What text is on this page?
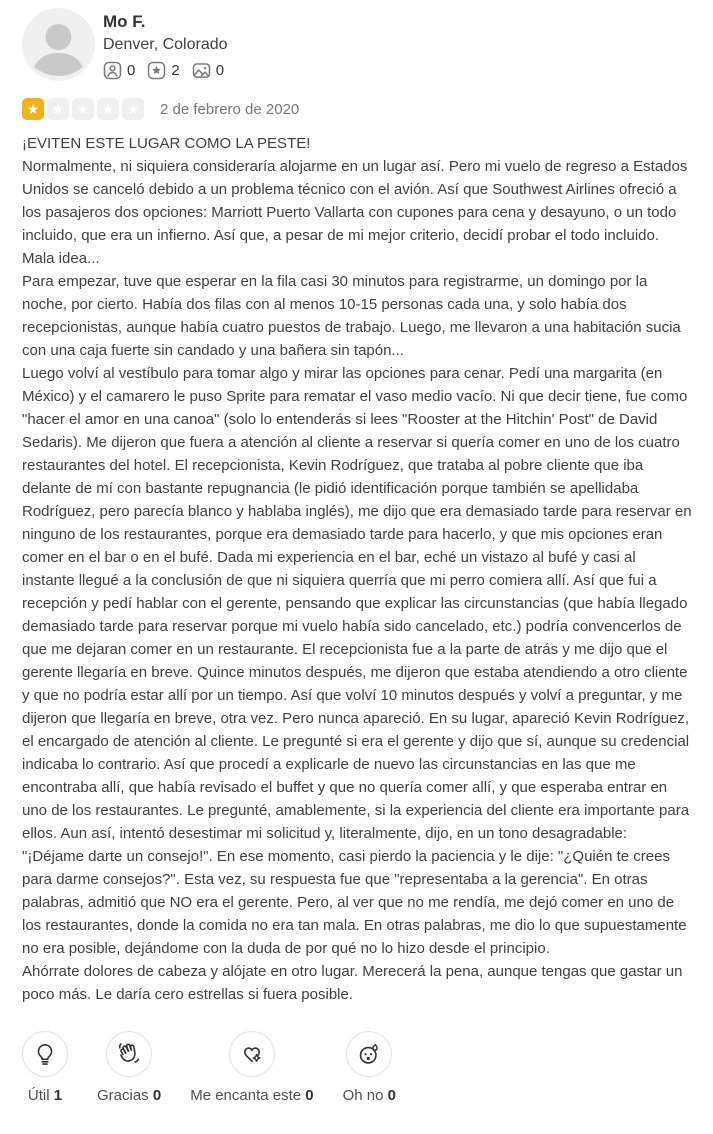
Mo F.
Denver, Colorado
0 2 0
★
★
★
★
★
2 de febrero de 2020
¡EVITEN ESTE LUGAR COMO LA PESTE!

Normalmente, ni siquiera consideraría alojarme en un lugar así. Pero mi vuelo de regreso a Estados Unidos se canceló debido a un problema técnico con el avión. Así que Southwest Airlines ofreció a los pasajeros dos opciones: Marriott Puerto Vallarta con cupones para cena y desayuno, o un todo incluido, que era un infierno. Así que, a pesar de mi mejor criterio, decidí probar el todo incluido. Mala idea...

Para empezar, tuve que esperar en la fila casi 30 minutos para registrarme, un domingo por la noche, por cierto. Había dos filas con al menos 10-15 personas cada una, y solo había dos recepcionistas, aunque había cuatro puestos de trabajo. Luego, me llevaron a una habitación sucia con una caja fuerte sin candado y una bañera sin tapón...

Luego volví al vestíbulo para tomar algo y mirar las opciones para cenar. Pedí una margarita (en México) y el camarero le puso Sprite para rematar el vaso medio vacío. Ni que decir tiene, fue como "hacer el amor en una canoa" (solo lo entenderás si lees "Rooster at the Hitchin' Post" de David Sedaris). Me dijeron que fuera a atención al cliente a reservar si quería comer en uno de los cuatro restaurantes del hotel. El recepcionista, Kevin Rodríguez, que trataba al pobre cliente que iba delante de mí con bastante repugnancia (le pidió identificación porque también se apellidaba Rodríguez, pero parecía blanco y hablaba inglés), me dijo que era demasiado tarde para reservar en ninguno de los restaurantes, porque era demasiado tarde para hacerlo, y que mis opciones eran comer en el bar o en el bufé. Dada mi experiencia en el bar, eché un vistazo al bufé y casi al instante llegué a la conclusión de que ni siquiera querría que mi perro comiera allí. Así que fui a recepción y pedí hablar con el gerente, pensando que explicar las circunstancias (que había llegado demasiado tarde para reservar porque mi vuelo había sido cancelado, etc.) podría convencerlos de que me dejaran comer en un restaurante. El recepcionista fue a la parte de atrás y me dijo que el gerente llegaría en breve. Quince minutos después, me dijeron que estaba atendiendo a otro cliente y que no podría estar allí por un tiempo. Así que volví 10 minutos después y volví a preguntar, y me dijeron que llegaría en breve, otra vez. Pero nunca apareció. En su lugar, apareció Kevin Rodríguez, el encargado de atención al cliente. Le pregunté si era el gerente y dijo que sí, aunque su credencial indicaba lo contrario. Así que procedí a explicarle de nuevo las circunstancias en las que me encontraba allí, que había revisado el buffet y que no quería comer allí, y que esperaba entrar en uno de los restaurantes. Le pregunté, amablemente, si la experiencia del cliente era importante para ellos. Aun así, intentó desestimar mi solicitud y, literalmente, dijo, en un tono desagradable: "¡Déjame darte un consejo!". En ese momento, casi pierdo la paciencia y le dije: "¿Quién te crees para darme consejos?". Esta vez, su respuesta fue que "representaba a la gerencia". En otras palabras, admitió que NO era el gerente. Pero, al ver que no me rendía, me dejó comer en uno de los restaurantes, donde la comida no era tan mala. En otras palabras, me dio lo que supuestamente no era posible, dejándome con la duda de por qué no lo hizo desde el principio.

Ahórrate dolores de cabeza y alójate en otro lugar. Merecerá la pena, aunque tengas que gastar un poco más. Le daría cero estrellas si fuera posible.

Útil 1 Gracias 0 Me encanta este 0 Oh no 0
